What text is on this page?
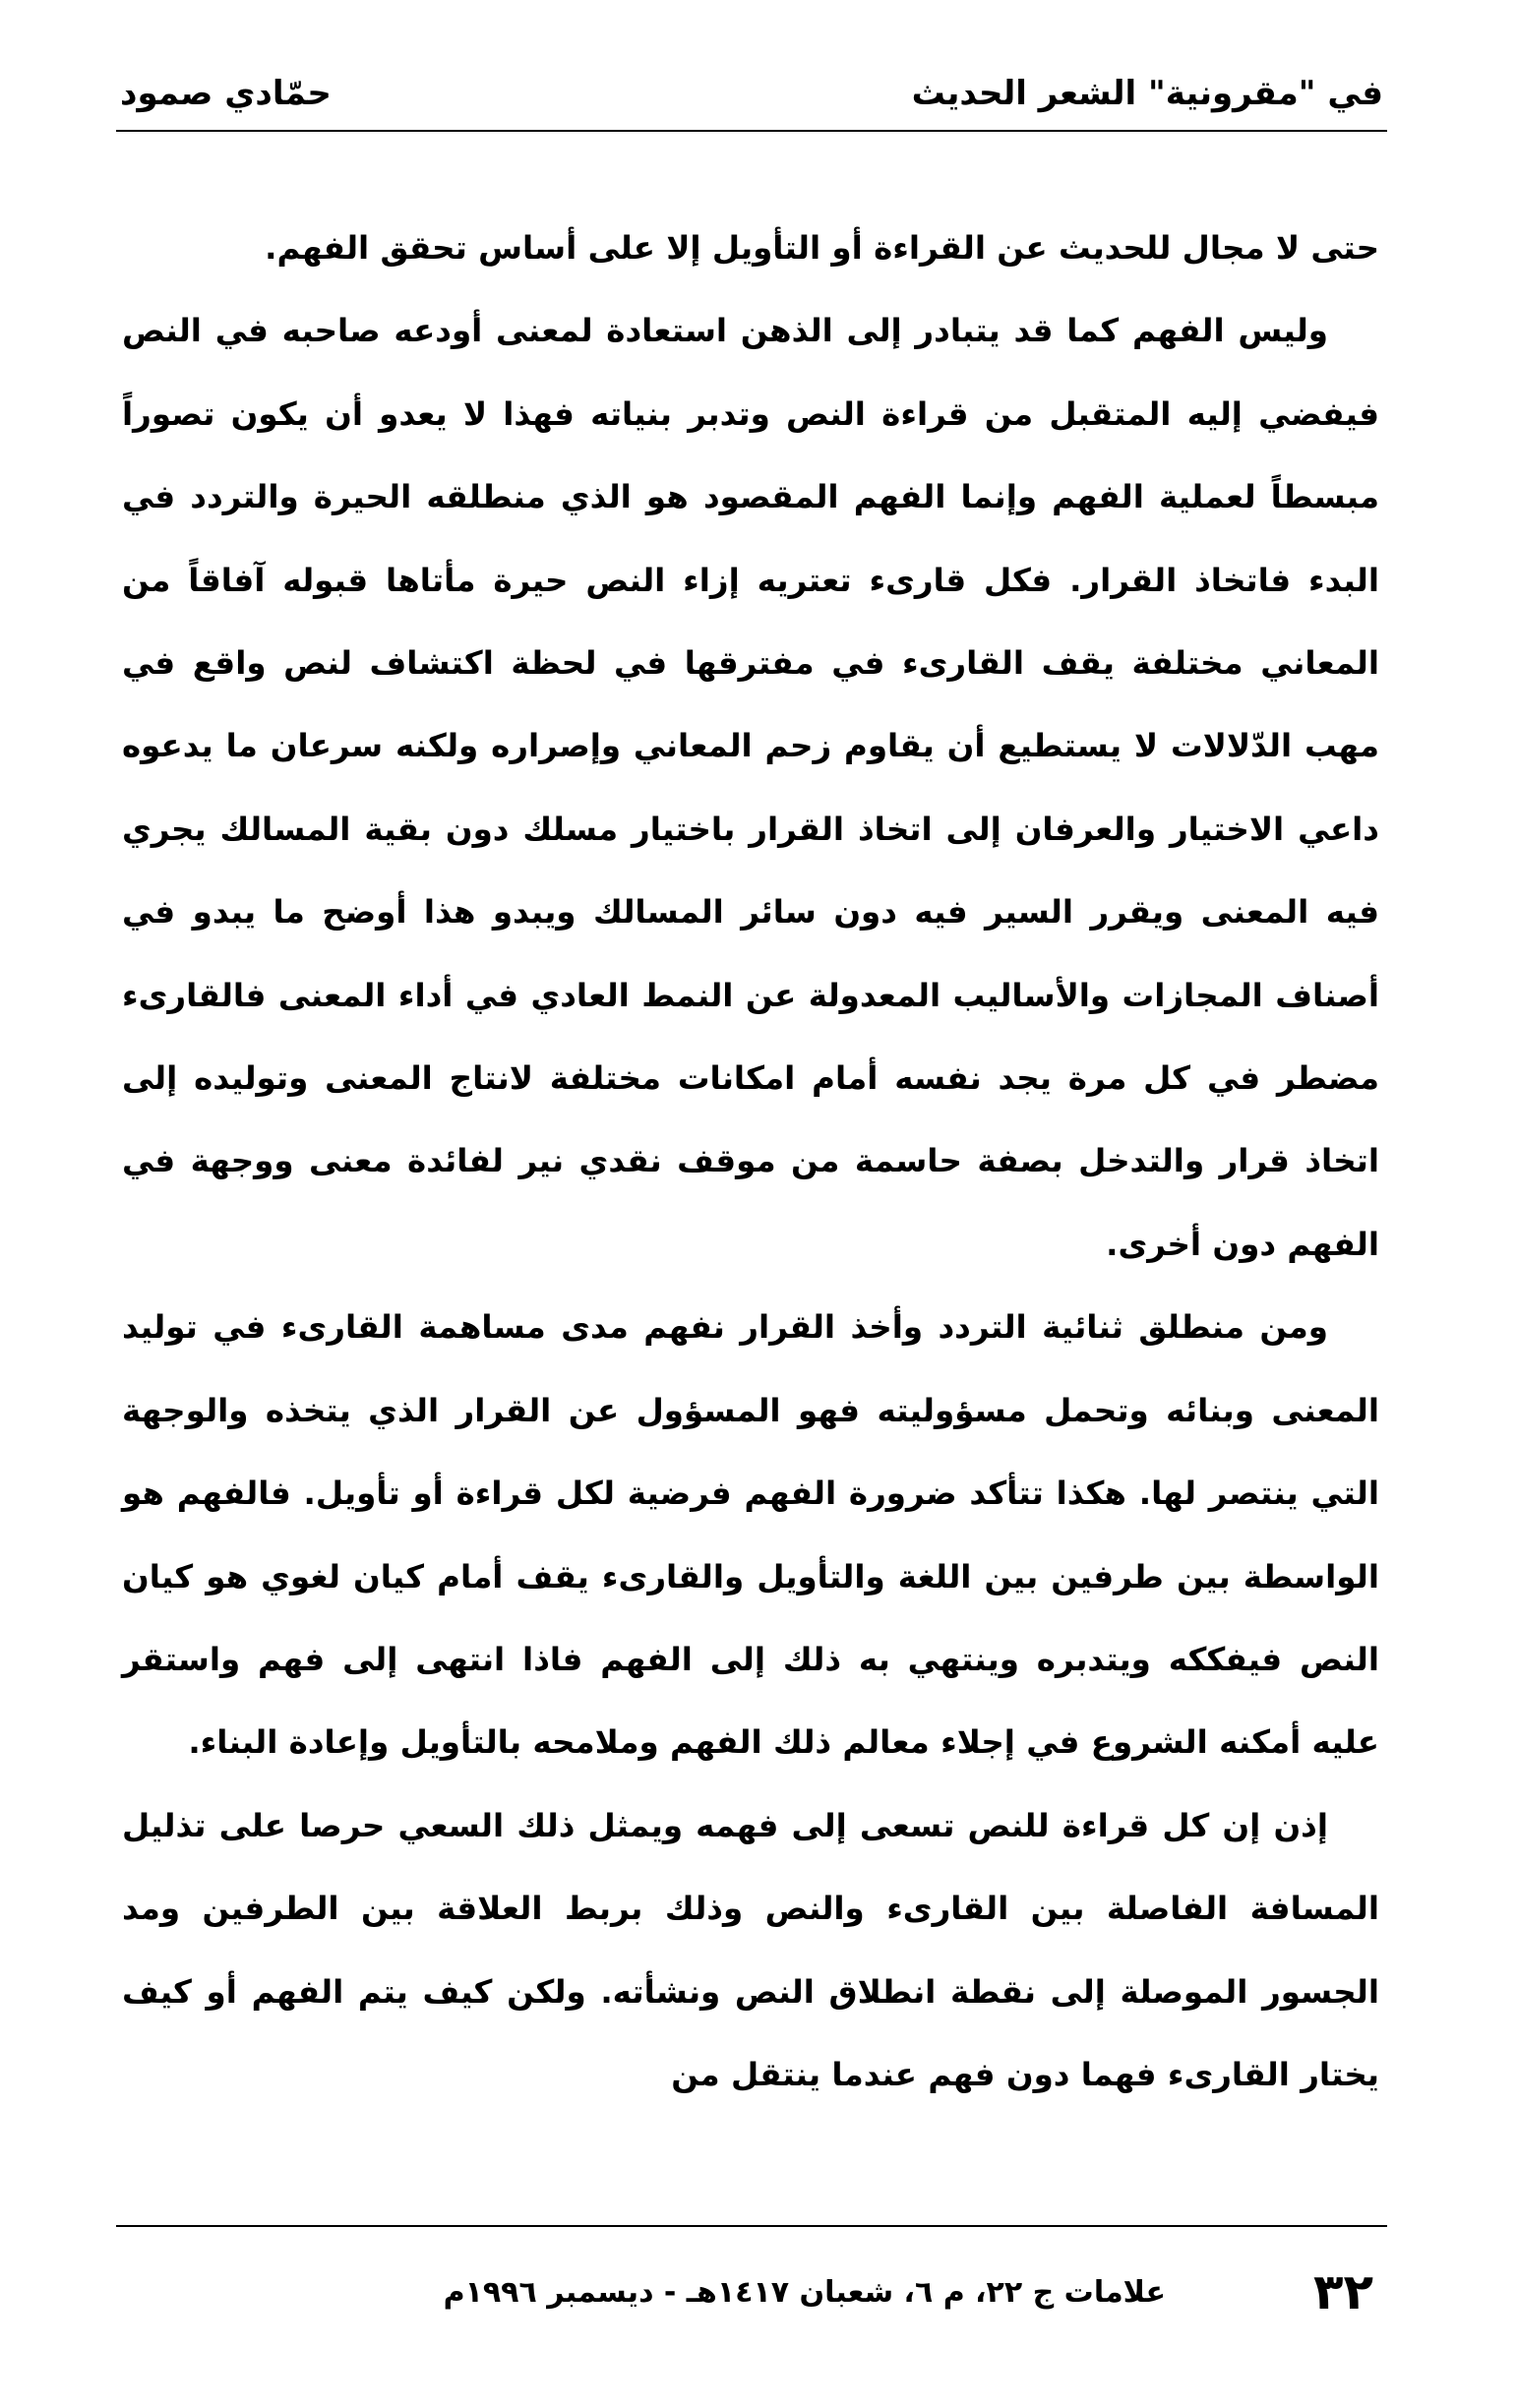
في "مقرونية" الشعر الحديث
حمّادي صمود

حتى لا مجال للحديث عن القراءة أو التأويل إلا على أساس تحقق الفهم.

وليس الفهم كما قد يتبادر إلى الذهن استعادة لمعنى أودعه صاحبه في النص فيفضي إليه المتقبل من قراءة النص وتدبر بنياته فهذا لا يعدو أن يكون تصوراً مبسطاً لعملية الفهم وإنما الفهم المقصود هو الذي منطلقه الحيرة والتردد في البدء فاتخاذ القرار. فكل قارىء تعتريه إزاء النص حيرة مأتاها قبوله آفاقاً من المعاني مختلفة يقف القارىء في مفترقها في لحظة اكتشاف لنص واقع في مهب الدّلالات لا يستطيع أن يقاوم زحم المعاني وإصراره ولكنه سرعان ما يدعوه داعي الاختيار والعرفان إلى اتخاذ القرار باختيار مسلك دون بقية المسالك يجري فيه المعنى ويقرر السير فيه دون سائر المسالك ويبدو هذا أوضح ما يبدو في أصناف المجازات والأساليب المعدولة عن النمط العادي في أداء المعنى فالقارىء مضطر في كل مرة يجد نفسه أمام امكانات مختلفة لانتاج المعنى وتوليده إلى اتخاذ قرار والتدخل بصفة حاسمة من موقف نقدي نير لفائدة معنى ووجهة في الفهم دون أخرى.

ومن منطلق ثنائية التردد وأخذ القرار نفهم مدى مساهمة القارىء في توليد المعنى وبنائه وتحمل مسؤوليته فهو المسؤول عن القرار الذي يتخذه والوجهة التي ينتصر لها. هكذا تتأكد ضرورة الفهم فرضية لكل قراءة أو تأويل. فالفهم هو الواسطة بين طرفين بين اللغة والتأويل والقارىء يقف أمام كيان لغوي هو كيان النص فيفككه ويتدبره وينتهي به ذلك إلى الفهم فاذا انتهى إلى فهم واستقر عليه أمكنه الشروع في إجلاء معالم ذلك الفهم وملامحه بالتأويل وإعادة البناء.

إذن إن كل قراءة للنص تسعى إلى فهمه ويمثل ذلك السعي حرصا على تذليل المسافة الفاصلة بين القارىء والنص وذلك بربط العلاقة بين الطرفين ومد الجسور الموصلة إلى نقطة انطلاق النص ونشأته. ولكن كيف يتم الفهم أو كيف يختار القارىء فهما دون فهم عندما ينتقل من

٣٢
علامات ج ٢٢، م ٦، شعبان ١٤١٧هـ - ديسمبر ١٩٩٦م
